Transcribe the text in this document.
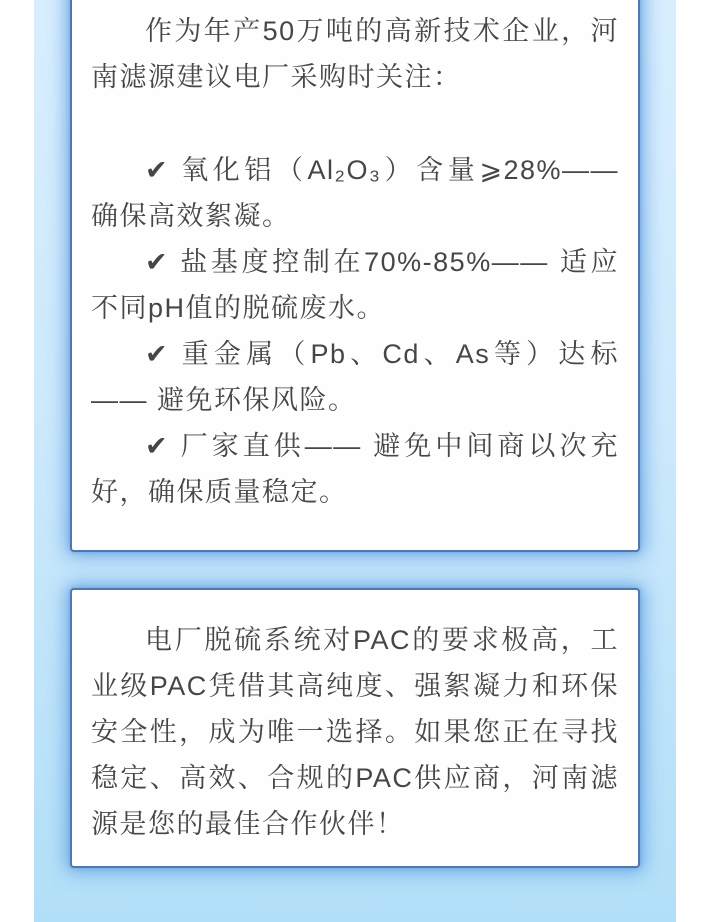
作为年产50万吨的高新技术企业，河南滤源建议电厂采购时关注：

✔ 氧化铝（Al₂O₃）含量⩾28%—— 确保高效絮凝。

✔ 盐基度控制在70%-85%—— 适应不同pH值的脱硫废水。

✔ 重金属（Pb、Cd、As等）达标—— 避免环保风险。

✔ 厂家直供—— 避免中间商以次充好，确保质量稳定。

电厂脱硫系统对PAC的要求极高，工业级PAC凭借其高纯度、强絮凝力和环保安全性，成为唯一选择。如果您正在寻找稳定、高效、合规的PAC供应商，河南滤源是您的最佳合作伙伴！
